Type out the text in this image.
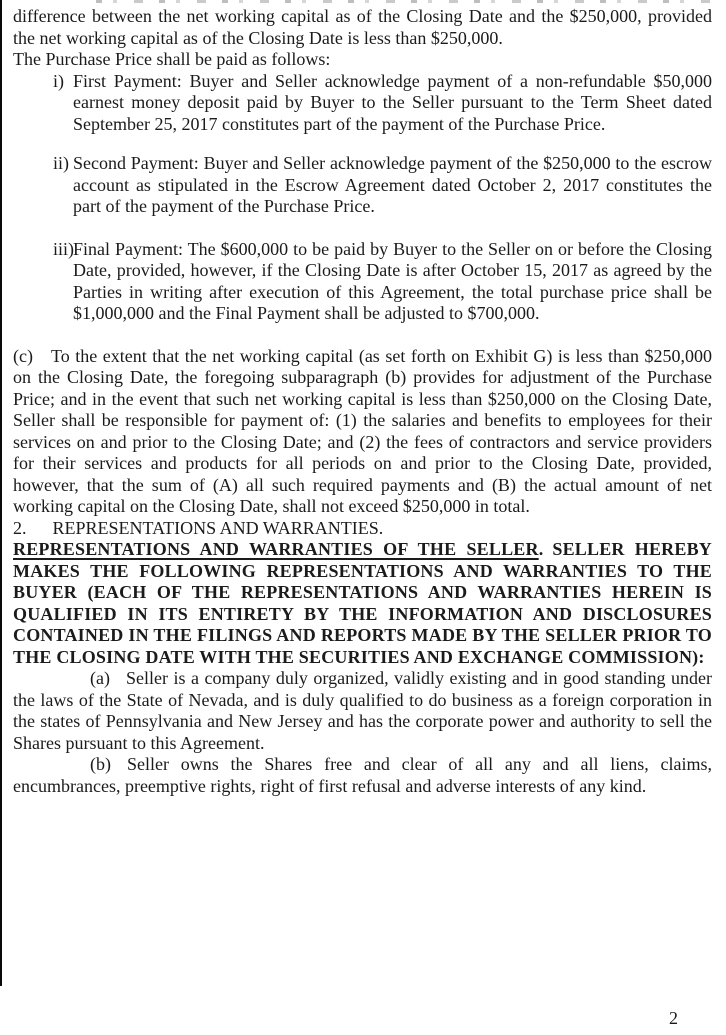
difference between the net working capital as of the Closing Date and the $250,000, provided the net working capital as of the Closing Date is less than $250,000.

The Purchase Price shall be paid as follows:

i) First Payment: Buyer and Seller acknowledge payment of a non-refundable $50,000 earnest money deposit paid by Buyer to the Seller pursuant to the Term Sheet dated September 25, 2017 constitutes part of the payment of the Purchase Price.
ii) Second Payment: Buyer and Seller acknowledge payment of the $250,000 to the escrow account as stipulated in the Escrow Agreement dated October 2, 2017 constitutes the part of the payment of the Purchase Price.
iii) Final Payment: The $600,000 to be paid by Buyer to the Seller on or before the Closing Date, provided, however, if the Closing Date is after October 15, 2017 as agreed by the Parties in writing after execution of this Agreement, the total purchase price shall be $1,000,000 and the Final Payment shall be adjusted to $700,000.

(c) To the extent that the net working capital (as set forth on Exhibit G) is less than $250,000 on the Closing Date, the foregoing subparagraph (b) provides for adjustment of the Purchase Price; and in the event that such net working capital is less than $250,000 on the Closing Date, Seller shall be responsible for payment of: (1) the salaries and benefits to employees for their services on and prior to the Closing Date; and (2) the fees of contractors and service providers for their services and products for all periods on and prior to the Closing Date, provided, however, that the sum of (A) all such required payments and (B) the actual amount of net working capital on the Closing Date, shall not exceed $250,000 in total.

2. REPRESENTATIONS AND WARRANTIES.

REPRESENTATIONS AND WARRANTIES OF THE SELLER. SELLER HEREBY MAKES THE FOLLOWING REPRESENTATIONS AND WARRANTIES TO THE BUYER (EACH OF THE REPRESENTATIONS AND WARRANTIES HEREIN IS QUALIFIED IN ITS ENTIRETY BY THE INFORMATION AND DISCLOSURES CONTAINED IN THE FILINGS AND REPORTS MADE BY THE SELLER PRIOR TO THE CLOSING DATE WITH THE SECURITIES AND EXCHANGE COMMISSION):

(a) Seller is a company duly organized, validly existing and in good standing under the laws of the State of Nevada, and is duly qualified to do business as a foreign corporation in the states of Pennsylvania and New Jersey and has the corporate power and authority to sell the Shares pursuant to this Agreement.

(b) Seller owns the Shares free and clear of all any and all liens, claims, encumbrances, preemptive rights, right of first refusal and adverse interests of any kind.

2
